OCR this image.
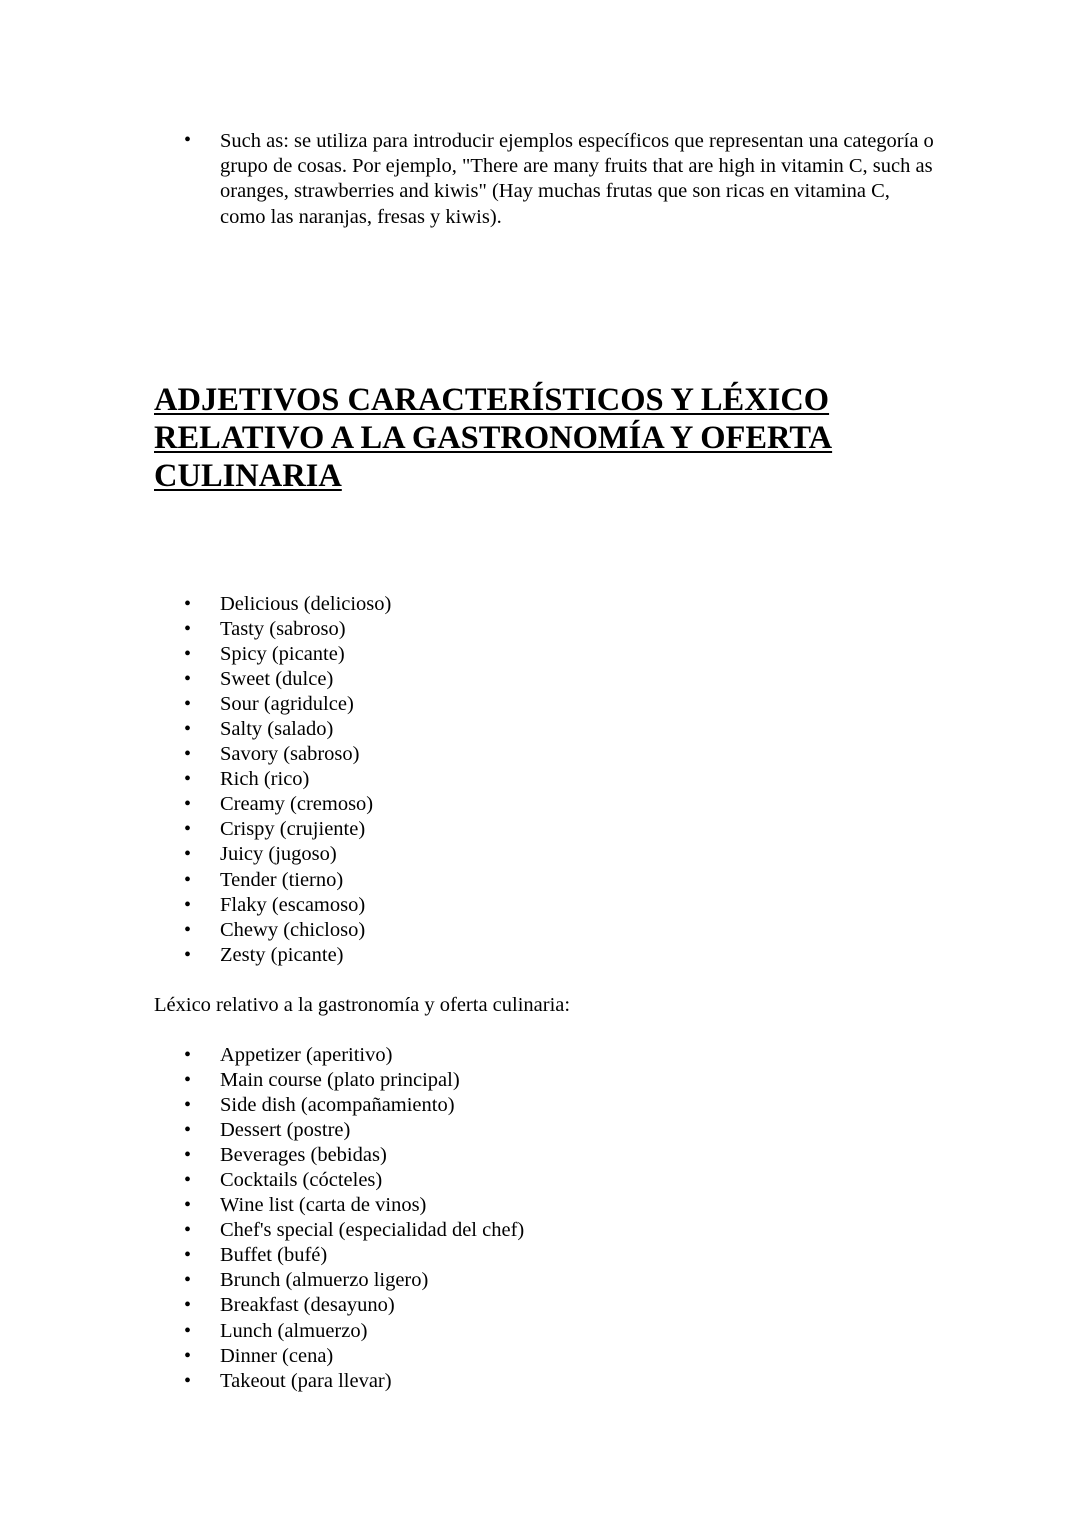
• Such as: se utiliza para introducir ejemplos específicos que representan una categoría o grupo de cosas. Por ejemplo, "There are many fruits that are high in vitamin C, such as oranges, strawberries and kiwis" (Hay muchas frutas que son ricas en vitamina C, como las naranjas, fresas y kiwis).

ADJETIVOS CARACTERÍSTICOS Y LÉXICO RELATIVO A LA GASTRONOMÍA Y OFERTA CULINARIA
• Delicious (delicioso)
• Tasty (sabroso)
• Spicy (picante)
• Sweet (dulce)
• Sour (agridulce)
• Salty (salado)
• Savory (sabroso)
• Rich (rico)
• Creamy (cremoso)
• Crispy (crujiente)
• Juicy (jugoso)
• Tender (tierno)
• Flaky (escamoso)
• Chewy (chicloso)
• Zesty (picante)

Léxico relativo a la gastronomía y oferta culinaria:

• Appetizer (aperitivo)
• Main course (plato principal)
• Side dish (acompañamiento)
• Dessert (postre)
• Beverages (bebidas)
• Cocktails (cócteles)
• Wine list (carta de vinos)
• Chef's special (especialidad del chef)
• Buffet (bufé)
• Brunch (almuerzo ligero)
• Breakfast (desayuno)
• Lunch (almuerzo)
• Dinner (cena)
• Takeout (para llevar)
